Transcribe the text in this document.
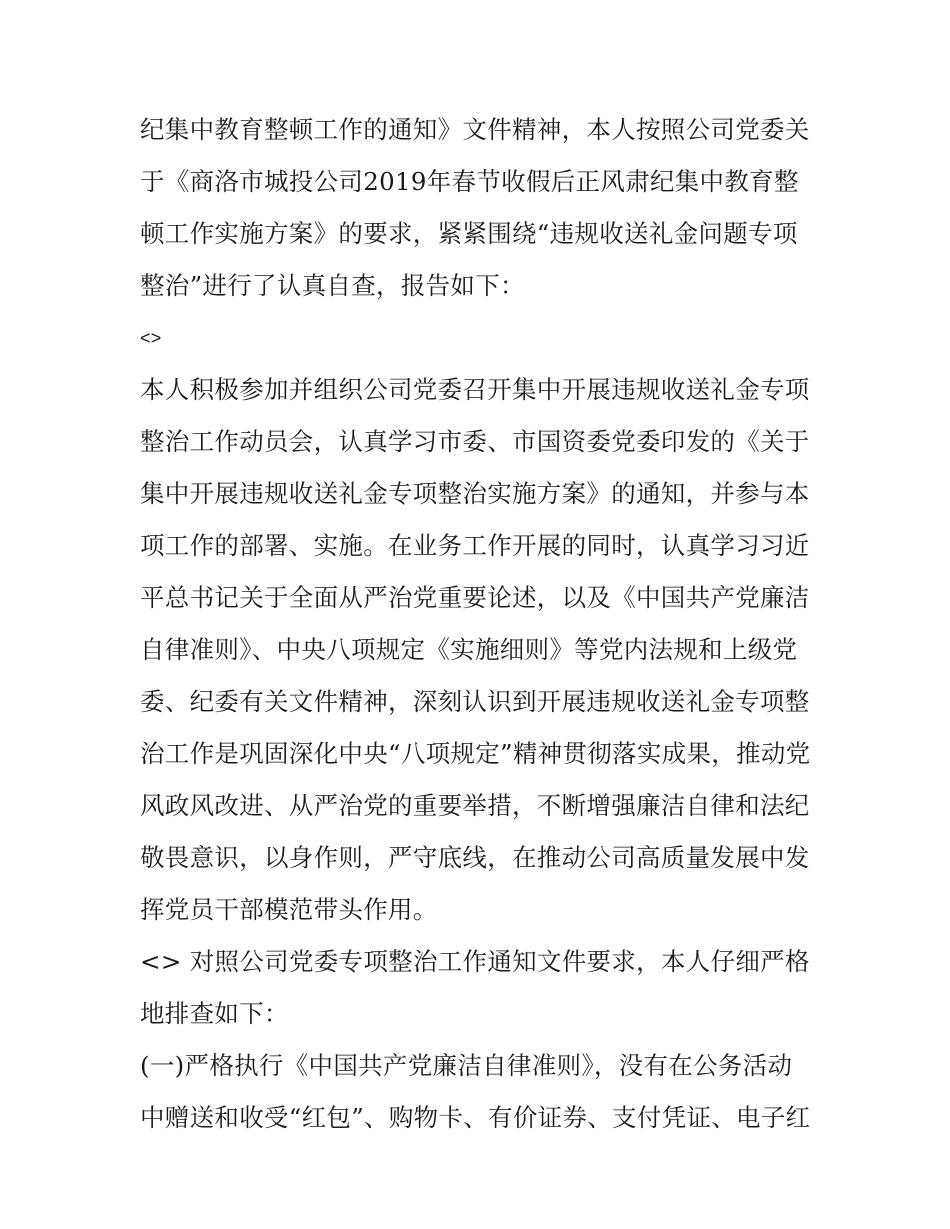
纪集中教育整顿工作的通知》文件精神，本人按照公司党委关
于《商洛市城投公司2019年春节收假后正风肃纪集中教育整
顿工作实施方案》的要求，紧紧围绕“违规收送礼金问题专项
整治”进行了认真自查，报告如下：
<>
本人积极参加并组织公司党委召开集中开展违规收送礼金专项
整治工作动员会，认真学习市委、市国资委党委印发的《关于
集中开展违规收送礼金专项整治实施方案》的通知，并参与本
项工作的部署、实施。在业务工作开展的同时，认真学习习近
平总书记关于全面从严治党重要论述，以及《中国共产党廉洁
自律准则》、中央八项规定《实施细则》等党内法规和上级党
委、纪委有关文件精神，深刻认识到开展违规收送礼金专项整
治工作是巩固深化中央“八项规定”精神贯彻落实成果，推动党
风政风改进、从严治党的重要举措，不断增强廉洁自律和法纪
敬畏意识，以身作则，严守底线，在推动公司高质量发展中发
挥党员干部模范带头作用。
<> 对照公司党委专项整治工作通知文件要求，本人仔细严格
地排查如下：
(一)严格执行《中国共产党廉洁自律准则》，没有在公务活动
中赠送和收受“红包”、购物卡、有价证券、支付凭证、电子红
